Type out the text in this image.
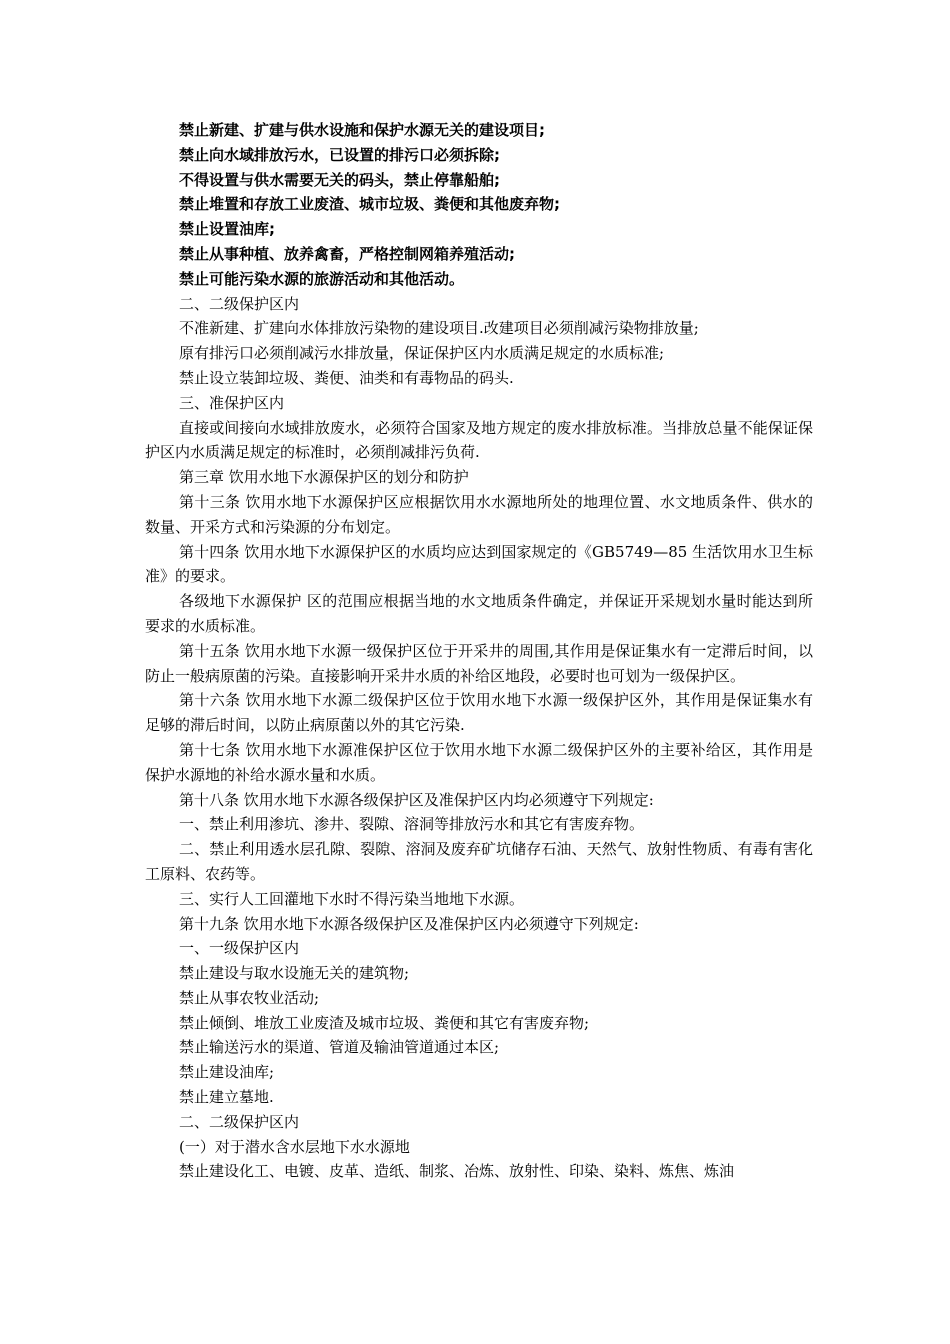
禁止新建、扩建与供水设施和保护水源无关的建设项目;

禁止向水域排放污水，已设置的排污口必须拆除;

不得设置与供水需要无关的码头，禁止停靠船舶;

禁止堆置和存放工业废渣、城市垃圾、粪便和其他废弃物;

禁止设置油库;

禁止从事种植、放养禽畜，严格控制网箱养殖活动;

禁止可能污染水源的旅游活动和其他活动。

二、二级保护区内

不准新建、扩建向水体排放污染物的建设项目.改建项目必须削减污染物排放量;

原有排污口必须削减污水排放量，保证保护区内水质满足规定的水质标准;

禁止设立装卸垃圾、粪便、油类和有毒物品的码头.

三、准保护区内

直接或间接向水域排放废水，必须符合国家及地方规定的废水排放标准。当排放总量不能保证保护区内水质满足规定的标准时，必须削减排污负荷.

第三章 饮用水地下水源保护区的划分和防护

第十三条 饮用水地下水源保护区应根据饮用水水源地所处的地理位置、水文地质条件、供水的数量、开采方式和污染源的分布划定。

第十四条 饮用水地下水源保护区的水质均应达到国家规定的《GB5749—85 生活饮用水卫生标准》的要求。

各级地下水源保护 区的范围应根据当地的水文地质条件确定，并保证开采规划水量时能达到所要求的水质标准。

第十五条 饮用水地下水源一级保护区位于开采井的周围,其作用是保证集水有一定滞后时间，以防止一般病原菌的污染。直接影响开采井水质的补给区地段，必要时也可划为一级保护区。

第十六条 饮用水地下水源二级保护区位于饮用水地下水源一级保护区外，其作用是保证集水有足够的滞后时间，以防止病原菌以外的其它污染.

第十七条 饮用水地下水源准保护区位于饮用水地下水源二级保护区外的主要补给区，其作用是保护水源地的补给水源水量和水质。

第十八条 饮用水地下水源各级保护区及准保护区内均必须遵守下列规定:

一、禁止利用渗坑、渗井、裂隙、溶洞等排放污水和其它有害废弃物。

二、禁止利用透水层孔隙、裂隙、溶洞及废弃矿坑储存石油、天然气、放射性物质、有毒有害化工原料、农药等。

三、实行人工回灌地下水时不得污染当地地下水源。

第十九条 饮用水地下水源各级保护区及准保护区内必须遵守下列规定:

一、一级保护区内

禁止建设与取水设施无关的建筑物;

禁止从事农牧业活动;

禁止倾倒、堆放工业废渣及城市垃圾、粪便和其它有害废弃物;

禁止输送污水的渠道、管道及输油管道通过本区;

禁止建设油库;

禁止建立墓地.

二、二级保护区内

(一）对于潜水含水层地下水水源地

禁止建设化工、电镀、皮革、造纸、制浆、冶炼、放射性、印染、染料、炼焦、炼油
